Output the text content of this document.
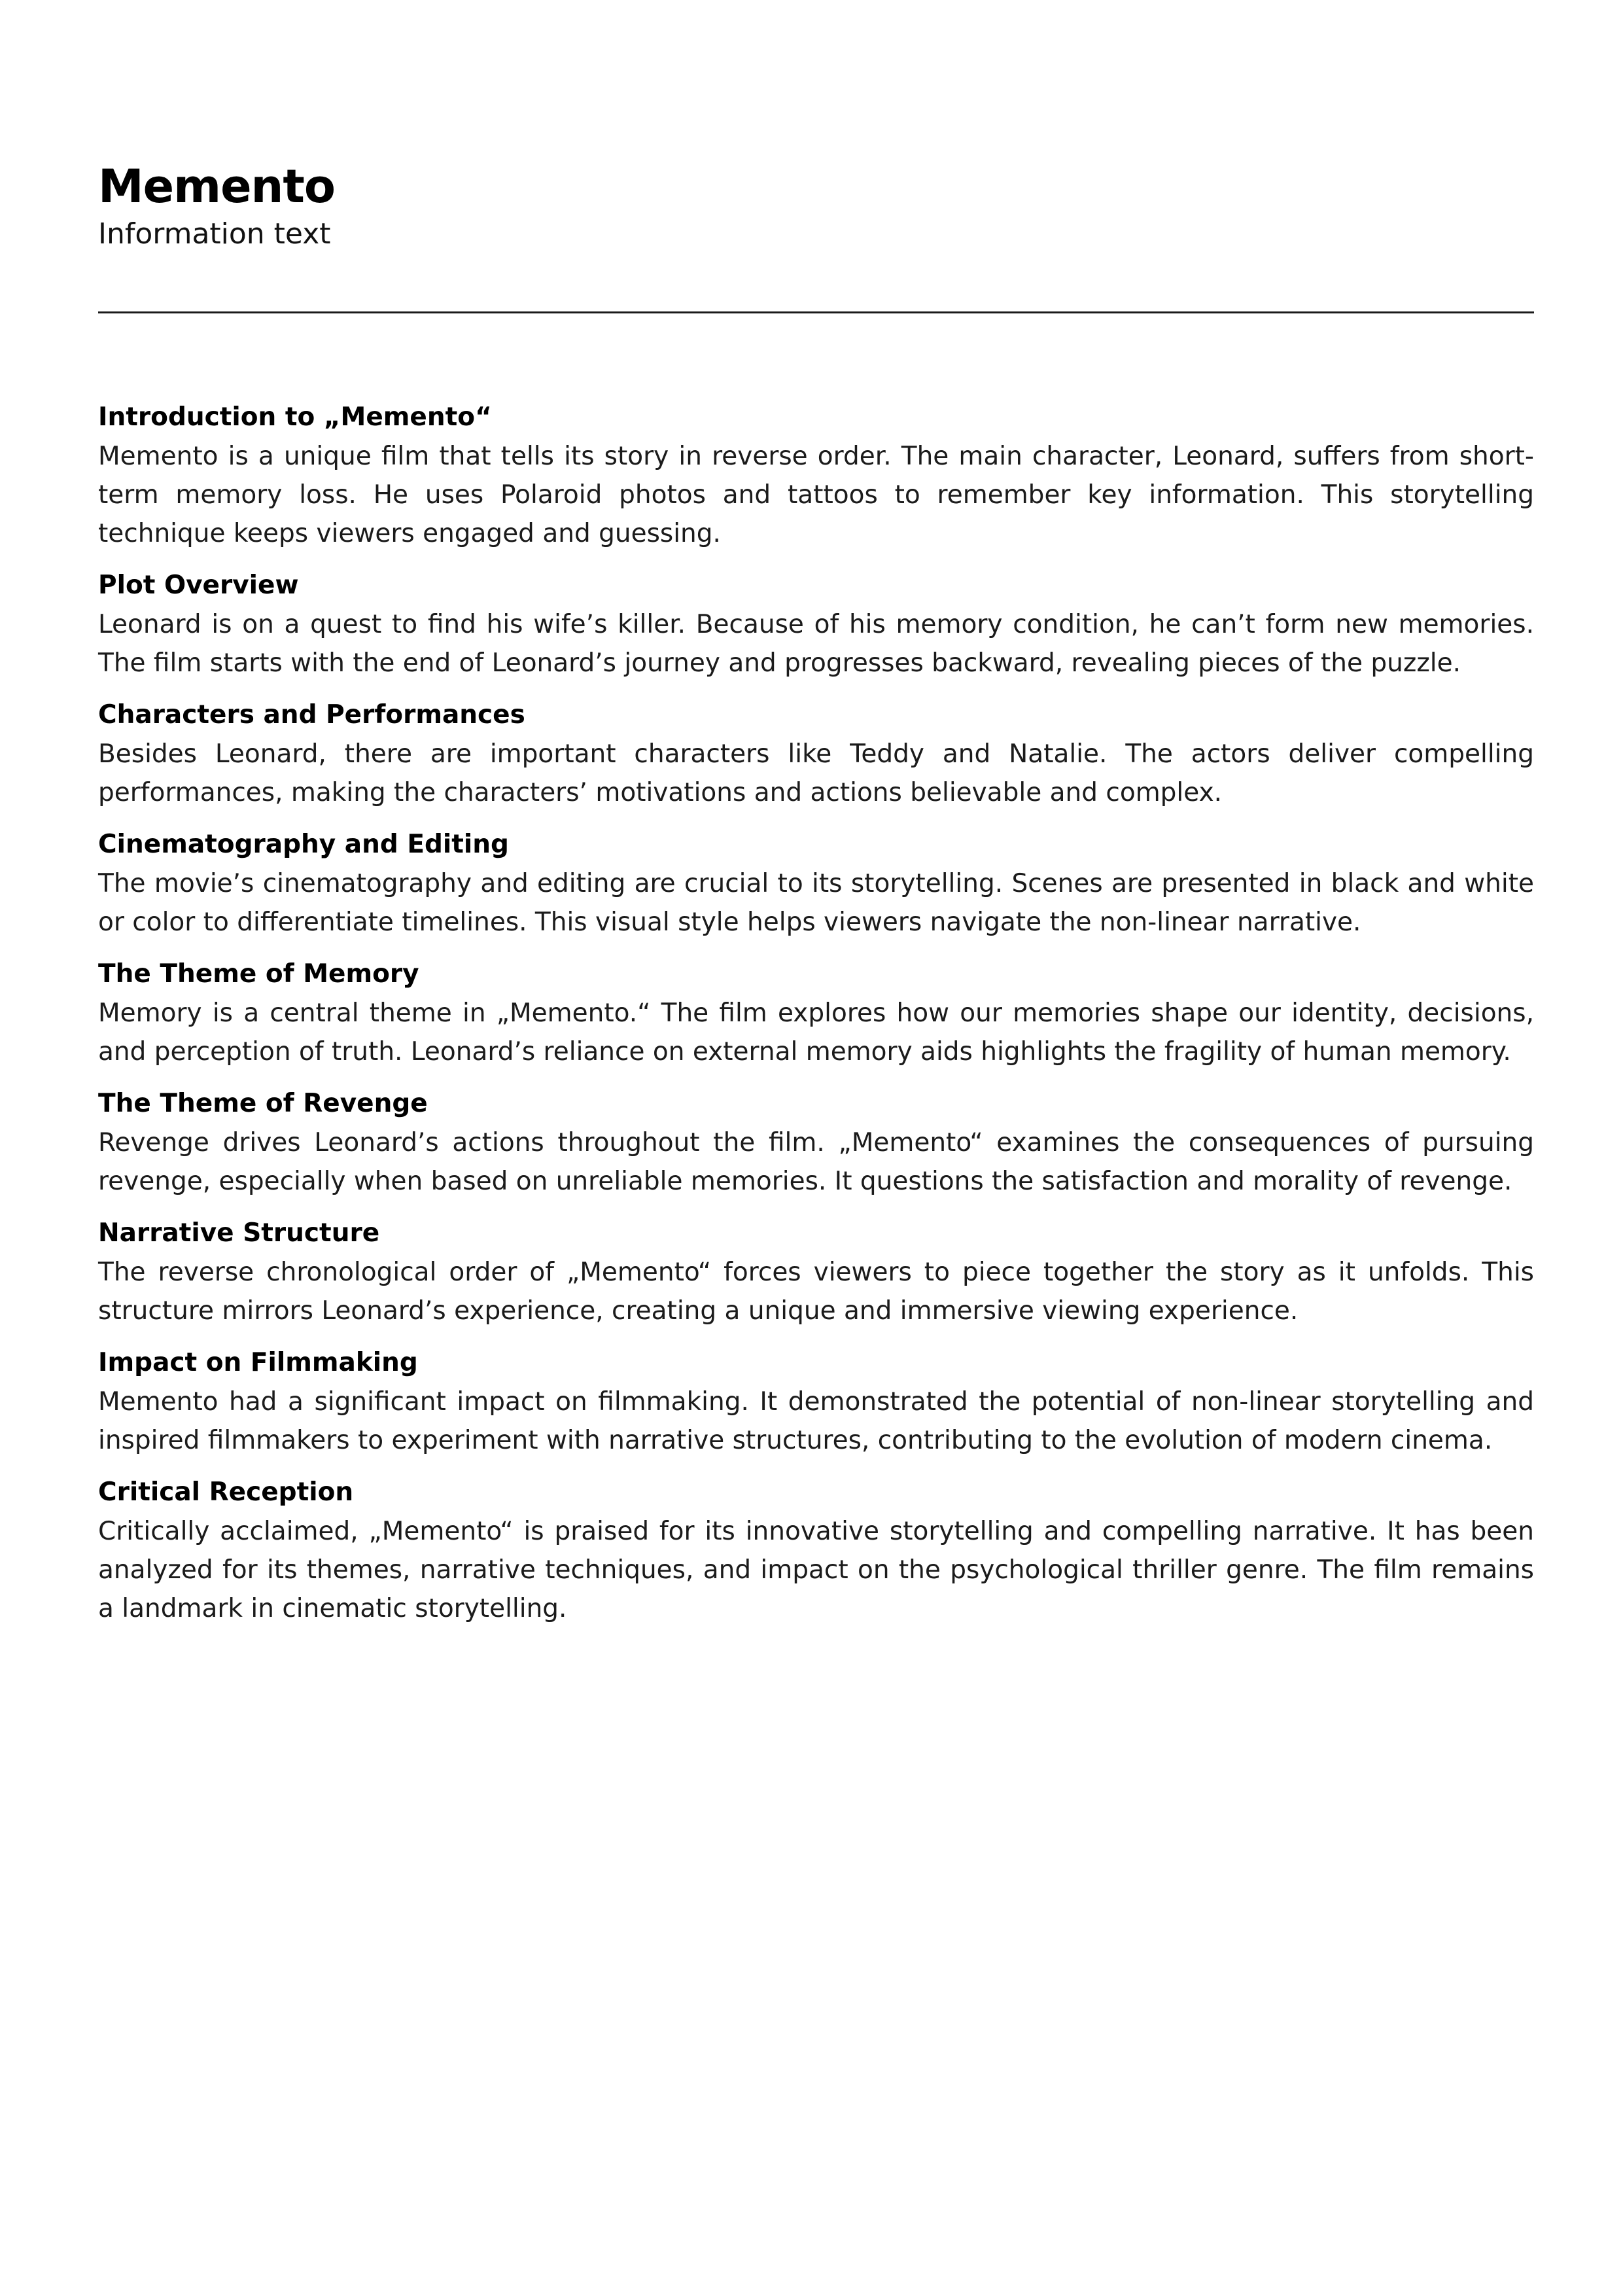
Memento

Information text

Introduction to „Memento“

Memento is a unique film that tells its story in reverse order. The main character, Leonard, suffers from short-term memory loss. He uses Polaroid photos and tattoos to remember key information. This storytelling technique keeps viewers engaged and guessing.

Plot Overview

Leonard is on a quest to find his wife’s killer. Because of his memory condition, he can’t form new memories. The film starts with the end of Leonard’s journey and progresses backward, revealing pieces of the puzzle.

Characters and Performances

Besides Leonard, there are important characters like Teddy and Natalie. The actors deliver compelling performances, making the characters’ motivations and actions believable and complex.

Cinematography and Editing

The movie’s cinematography and editing are crucial to its storytelling. Scenes are presented in black and white or color to differentiate timelines. This visual style helps viewers navigate the non-linear narrative.

The Theme of Memory

Memory is a central theme in „Memento.“ The film explores how our memories shape our identity, decisions, and perception of truth. Leonard’s reliance on external memory aids highlights the fragility of human memory.

The Theme of Revenge

Revenge drives Leonard’s actions throughout the film. „Memento“ examines the consequences of pursuing revenge, especially when based on unreliable memories. It questions the satisfaction and morality of revenge.

Narrative Structure

The reverse chronological order of „Memento“ forces viewers to piece together the story as it unfolds. This structure mirrors Leonard’s experience, creating a unique and immersive viewing experience.

Impact on Filmmaking

Memento had a significant impact on filmmaking. It demonstrated the potential of non-linear storytelling and inspired filmmakers to experiment with narrative structures, contributing to the evolution of modern cinema.

Critical Reception

Critically acclaimed, „Memento“ is praised for its innovative storytelling and compelling narrative. It has been analyzed for its themes, narrative techniques, and impact on the psychological thriller genre. The film remains a landmark in cinematic storytelling.
